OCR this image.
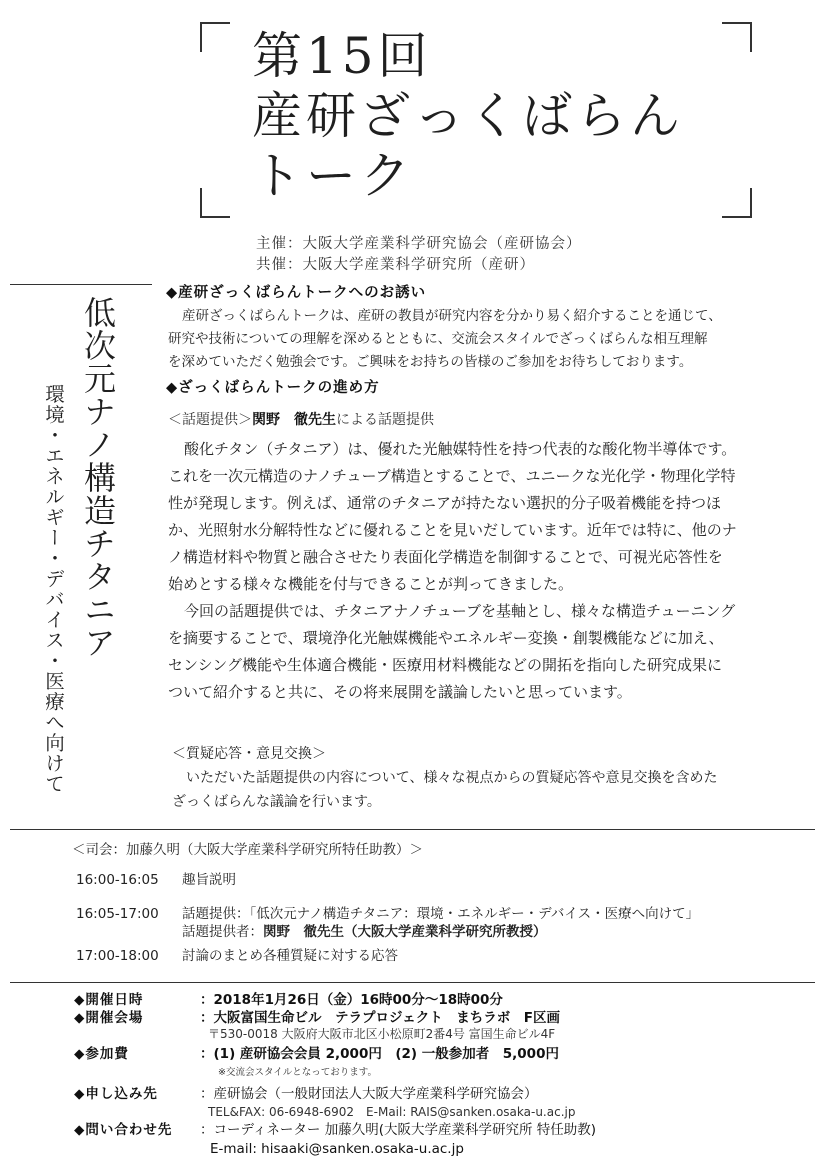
第15回
産研ざっくばらん
トーク
主催：大阪大学産業科学研究協会（産研協会）
共催：大阪大学産業科学研究所（産研）
低次元ナノ構造チタニア
環境・エネルギー・デバイス・医療へ向けて
◆産研ざっくばらんトークへのお誘い
産研ざっくばらんトークは、産研の教員が研究内容を分かり易く紹介することを通じて、
研究や技術についての理解を深めるとともに、交流会スタイルでざっくばらんな相互理解
を深めていただく勉強会です。ご興味をお持ちの皆様のご参加をお待ちしております。
◆ざっくばらんトークの進め方
＜話題提供＞関野　徹先生による話題提供
酸化チタン（チタニア）は、優れた光触媒特性を持つ代表的な酸化物半導体です。
これを一次元構造のナノチューブ構造とすることで、ユニークな光化学・物理化学特
性が発現します。例えば、通常のチタニアが持たない選択的分子吸着機能を持つほ
か、光照射水分解特性などに優れることを見いだしています。近年では特に、他のナ
ノ構造材料や物質と融合させたり表面化学構造を制御することで、可視光応答性を
始めとする様々な機能を付与できることが判ってきました。
今回の話題提供では、チタニアナノチューブを基軸とし、様々な構造チューニング
を摘要することで、環境浄化光触媒機能やエネルギー変換・創製機能などに加え、
センシング機能や生体適合機能・医療用材料機能などの開拓を指向した研究成果に
ついて紹介すると共に、その将来展開を議論したいと思っています。
＜質疑応答・意見交換＞
いただいた話題提供の内容について、様々な視点からの質疑応答や意見交換を含めた
ざっくばらんな議論を行います。
＜司会：加藤久明（大阪大学産業科学研究所特任助教）＞
16:00-16:05 趣旨説明
16:05-17:00 話題提供：「低次元ナノ構造チタニア：環境・エネルギー・デバイス・医療へ向けて」
話題提供者：関野　徹先生（大阪大学産業科学研究所教授）
17:00-18:00 討論のまとめ各種質疑に対する応答
◆開催日時	：2018年1月26日（金）16時00分～18時00分
◆開催会場	：大阪富国生命ビル　テラプロジェクト　まちラボ　F区画
〒530-0018 大阪府大阪市北区小松原町2番4号 富国生命ビル4F
◆参加費	：(1) 産研協会会員 2,000円　(2) 一般参加者　5,000円
※交流会スタイルとなっております。
◆申し込み先	：産研協会（一般財団法人大阪大学産業科学研究協会）
TEL&FAX: 06-6948-6902　E-Mail: RAIS@sanken.osaka-u.ac.jp
◆問い合わせ先 ：コーディネーター 加藤久明(大阪大学産業科学研究所 特任助教)
E-mail: hisaaki@sanken.osaka-u.ac.jp
